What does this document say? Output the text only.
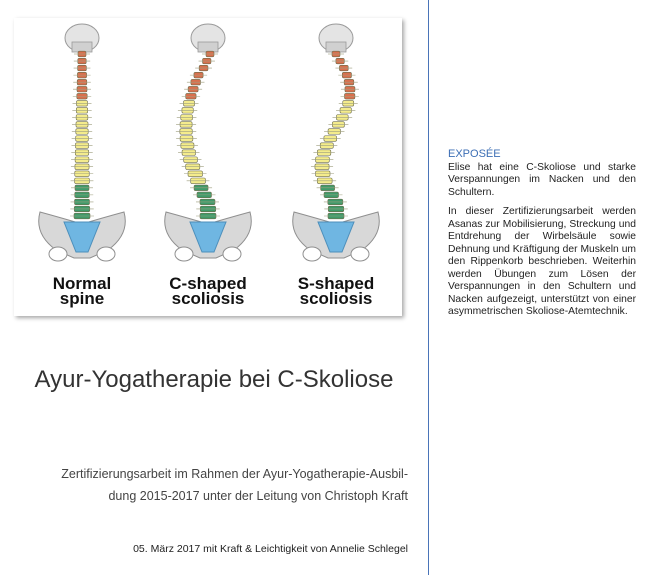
Normal
spine
C-shaped
scoliosis
S-shaped
scoliosis
Ayur-Yogatherapie bei C-Skoliose
Zertifizierungsarbeit im Rahmen der Ayur-Yogatherapie-Ausbil-
dung 2015-2017 unter der Leitung von Christoph Kraft
05. März 2017 mit Kraft & Leichtigkeit von Annelie Schlegel
EXPOSÉE

Elise hat eine C-Skoliose und starke Verspannungen im Nacken und den Schultern.

In dieser Zertifizierungsarbeit werden Asanas zur Mobilisierung, Streckung und Entdrehung der Wirbelsäule sowie Dehnung und Kräftigung der Muskeln um den Rippenkorb beschrieben. Weiterhin werden Übungen zum Lösen der Verspannungen in den Schultern und Nacken aufgezeigt, unterstützt von einer asymmetrischen Skoliose-Atemtechnik.
